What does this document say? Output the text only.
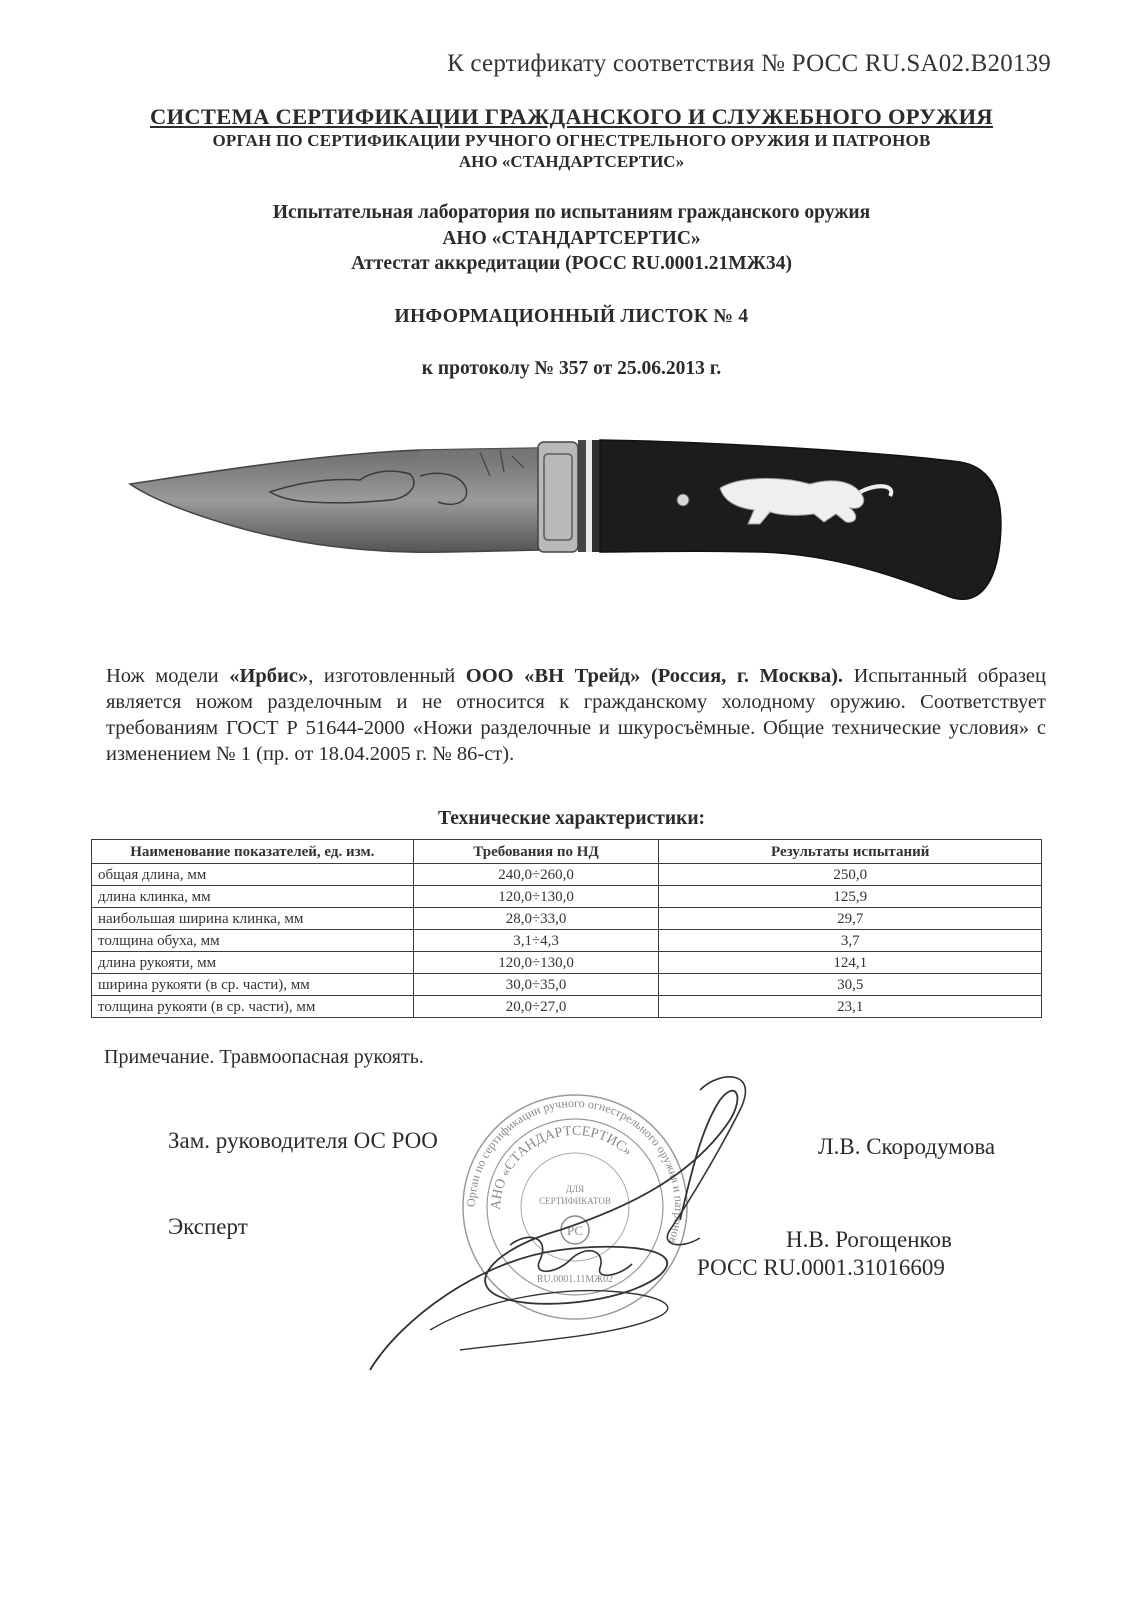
К сертификату соответствия № РОСС RU.SA02.B20139
СИСТЕМА СЕРТИФИКАЦИИ ГРАЖДАНСКОГО И СЛУЖЕБНОГО ОРУЖИЯ
ОРГАН ПО СЕРТИФИКАЦИИ РУЧНОГО ОГНЕСТРЕЛЬНОГО ОРУЖИЯ И ПАТРОНОВ
АНО «СТАНДАРТСЕРТИС»
Испытательная лаборатория по испытаниям гражданского оружия
АНО «СТАНДАРТСЕРТИС»
Аттестат аккредитации (РОСС RU.0001.21МЖ34)
ИНФОРМАЦИОННЫЙ ЛИСТОК № 4
к протоколу № 357 от 25.06.2013 г.
Нож модели «Ирбис», изготовленный ООО «ВН Трейд» (Россия, г. Москва). Испытанный образец является ножом разделочным и не относится к гражданскому холодному оружию. Соответствует требованиям ГОСТ Р 51644-2000 «Ножи разделочные и шкуросъёмные. Общие технические условия» с изменением № 1 (пр. от 18.04.2005 г. № 86-ст).
Технические характеристики:
Наименование показателей, ед. изм.	Требования по НД	Результаты испытаний
общая длина, мм	240,0÷260,0	250,0
длина клинка, мм	120,0÷130,0	125,9
наибольшая ширина клинка, мм	28,0÷33,0	29,7
толщина обуха, мм	3,1÷4,3	3,7
длина рукояти, мм	120,0÷130,0	124,1
ширина рукояти (в ср. части), мм	30,0÷35,0	30,5
толщина рукояти (в ср. части), мм	20,0÷27,0	23,1
Примечание. Травмоопасная рукоять.
Зам. руководителя ОС РОО	Л.В. Скородумова
Эксперт
Н.В. Рогощенков
РОСС RU.0001.31016609
Орган по сертификации ручного огнестрельного оружия и патронов
АНО «СТАНДАРТСЕРТИС»
ДЛЯ
СЕРТИФИКАТОВ
РС
RU.0001.11МЖ02
